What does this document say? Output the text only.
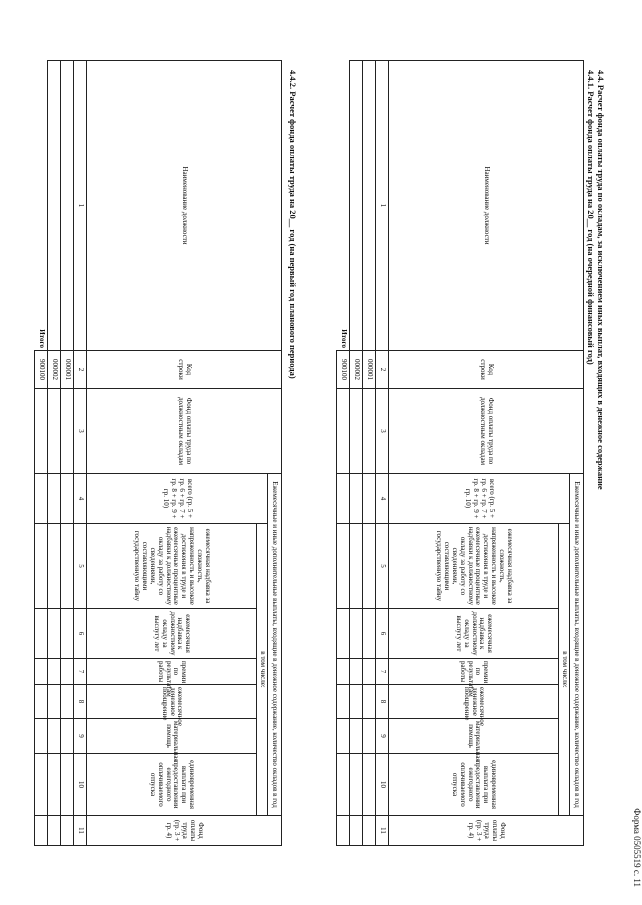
Форма 0505519 с. 11
4.4. Расчет фонда оплаты труда по окладам, за исключением иных выплат, входящих в денежное содержание
4.4.1. Расчет фонда оплаты труда на 20__ год (на очередной финансовый год)
Наименование должности	Код строки	Фонд оплаты труда по должностным окладам	Ежемесячные и иные дополнительные выплаты, входящие в денежное содержание, количество окладов в год							Фонд оплаты труда (гр. 3 + гр. 4)
			всего (гр. 5 + гр. 6 + гр. 7 + гр. 8 + гр. 9 + гр. 10)	в том числе:						
				ежемесячная надбавка за сложность, напряженность и высокие достижения в труде и ежемесячные процентные надбавки к должностному окладу за работу со сведениями, составляющими государственную тайну	ежемесячная надбавка к должностному окладу за выслугу лет	премии по результатам работы	ежемесячное денежное поощрение	материальная помощь	единовременная выплата при предоставлении ежегодного оплачиваемого отпуска	
1	2	3	4	5	6	7	8	9	10	11
	000001									
	000002									
Итого	900100									
4.4.2. Расчет фонда оплаты труда на 20__ год (на первый год планового периода)
Наименование должности	Код строки	Фонд оплаты труда по должностным окладам	Ежемесячные и иные дополнительные выплаты, входящие в денежное содержание, количество окладов в год							Фонд оплаты труда (гр. 3 + гр. 4)
			всего (гр. 5 + гр. 6 + гр. 7 + гр. 8 + гр. 9 + гр. 10)	в том числе:						
				ежемесячная надбавка за сложность, напряженность и высокие достижения в труде и ежемесячные процентные надбавки к должностному окладу за работу со сведениями, составляющими государственную тайну	ежемесячная надбавка к должностному окладу за выслугу лет	премии по результатам работы	ежемесячное денежное поощрение	материальная помощь	единовременная выплата при предоставлении ежегодного оплачиваемого отпуска	
1	2	3	4	5	6	7	8	9	10	11
	000001									
	000002									
Итого	900100									
